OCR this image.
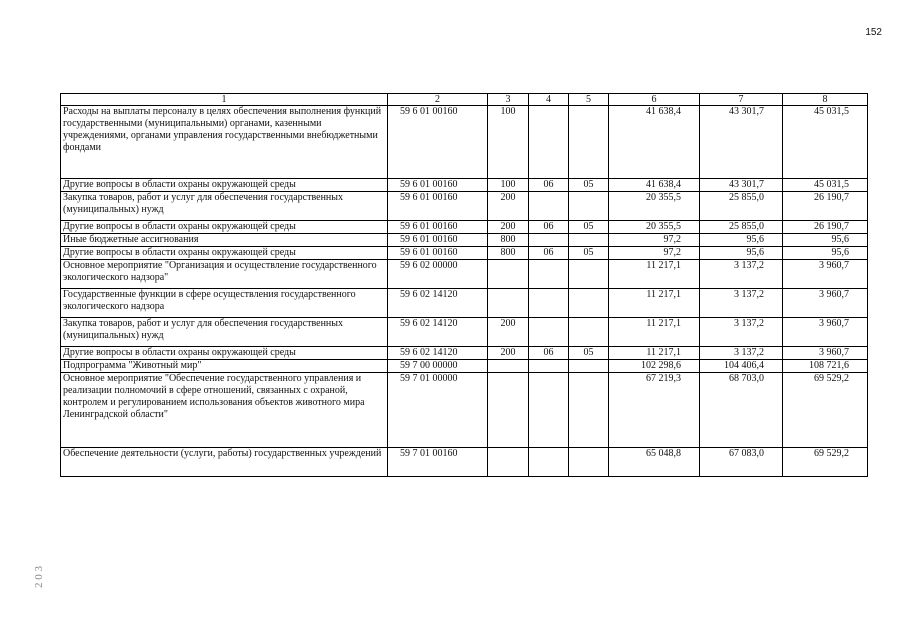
152
1	2	3	4	5	6	7	8
Расходы на выплаты персоналу в целях обеспечения выполнения функций государственными (муниципальными) органами, казенными учреждениями, органами управления государственными внебюджетными фондами	59 6 01 00160	100			41 638,4	43 301,7	45 031,5
Другие вопросы в области охраны окружающей среды	59 6 01 00160	100	06	05	41 638,4	43 301,7	45 031,5
Закупка товаров, работ и услуг для обеспечения государственных (муниципальных) нужд	59 6 01 00160	200			20 355,5	25 855,0	26 190,7
Другие вопросы в области охраны окружающей среды	59 6 01 00160	200	06	05	20 355,5	25 855,0	26 190,7
Иные бюджетные ассигнования	59 6 01 00160	800			97,2	95,6	95,6
Другие вопросы в области охраны окружающей среды	59 6 01 00160	800	06	05	97,2	95,6	95,6
Основное мероприятие "Организация и осуществление государственного экологического надзора"	59 6 02 00000				11 217,1	3 137,2	3 960,7
Государственные функции в сфере осуществления государственного экологического надзора	59 6 02 14120				11 217,1	3 137,2	3 960,7
Закупка товаров, работ и услуг для обеспечения государственных (муниципальных) нужд	59 6 02 14120	200			11 217,1	3 137,2	3 960,7
Другие вопросы в области охраны окружающей среды	59 6 02 14120	200	06	05	11 217,1	3 137,2	3 960,7
Подпрограмма "Животный мир"	59 7 00 00000				102 298,6	104 406,4	108 721,6
Основное мероприятие "Обеспечение государственного управления и реализации полномочий в сфере отношений, связанных с охраной, контролем и регулированием использования объектов животного мира Ленинградской области"	59 7 01 00000				67 219,3	68 703,0	69 529,2
Обеспечение деятельности (услуги, работы) государственных учреждений	59 7 01 00160				65 048,8	67 083,0	69 529,2
2 0 3
